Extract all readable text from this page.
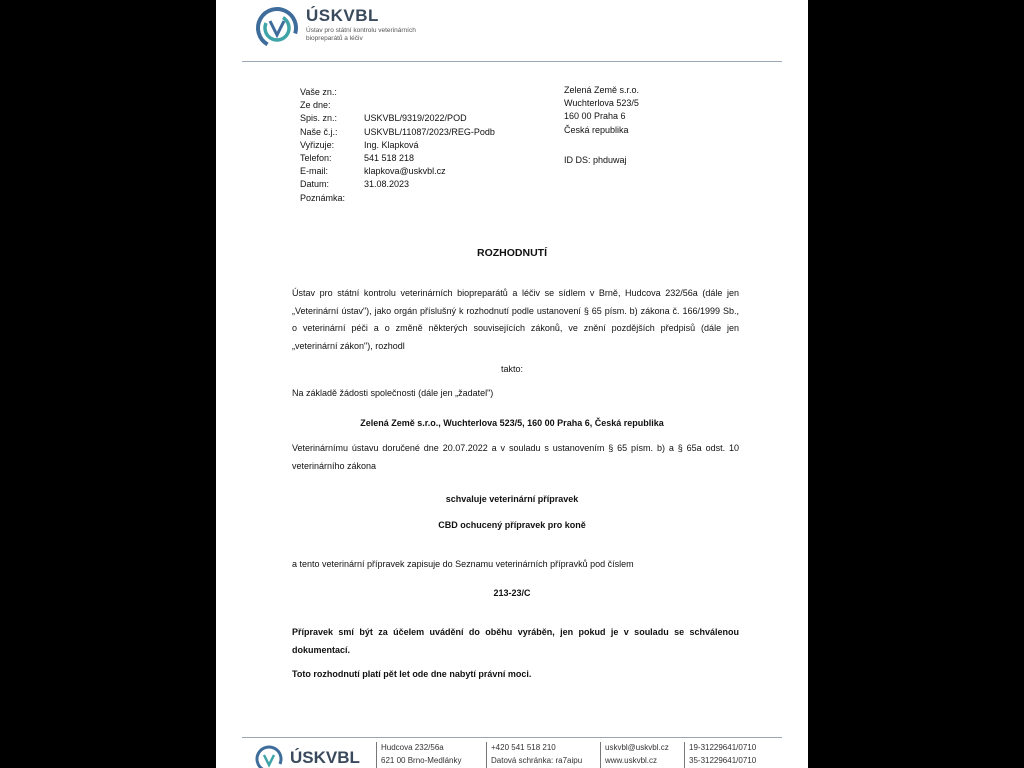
ÚSKVBL
Ústav pro státní kontrolu veterinárních biopreparátů a léčiv
Vaše zn.:
Ze dne:
Spis. zn.:	USKVBL/9319/2022/POD
Naše č.j.:	USKVBL/11087/2023/REG-Podb
Vyřizuje:	Ing. Klapková
Telefon:	541 518 218
E-mail:	klapkova@uskvbl.cz
Datum:	31.08.2023
Poznámka:
Zelená Země s.r.o.
Wuchterlova 523/5
160 00 Praha 6
Česká republika
ID DS: phduwaj
ROZHODNUTÍ
Ústav pro státní kontrolu veterinárních biopreparátů a léčiv se sídlem v Brně, Hudcova 232/56a (dále jen „Veterinární ústav"), jako orgán příslušný k rozhodnutí podle ustanovení § 65 písm. b) zákona č. 166/1999 Sb., o veterinární péči a o změně některých souvisejících zákonů, ve znění pozdějších předpisů (dále jen „veterinární zákon"), rozhodl
takto:
Na základě žádosti společnosti (dále jen „žadatel")
Zelená Země s.r.o., Wuchterlova 523/5, 160 00 Praha 6, Česká republika
Veterinárnímu ústavu doručené dne 20.07.2022 a v souladu s ustanovením § 65 písm. b) a § 65a odst. 10 veterinárního zákona
schvaluje veterinární přípravek
CBD ochucený přípravek pro koně
a tento veterinární přípravek zapisuje do Seznamu veterinárních přípravků pod číslem
213-23/C
Přípravek smí být za účelem uvádění do oběhu vyráběn, jen pokud je v souladu se schválenou dokumentací.
Toto rozhodnutí platí pět let ode dne nabytí právní moci.
ÚSKVBL
Hudcova 232/56a
621 00 Brno-Medlánky
+420 541 518 210
Datová schránka: ra7aipu
uskvbl@uskvbl.cz
www.uskvbl.cz
19-31229641/0710
35-31229641/0710
